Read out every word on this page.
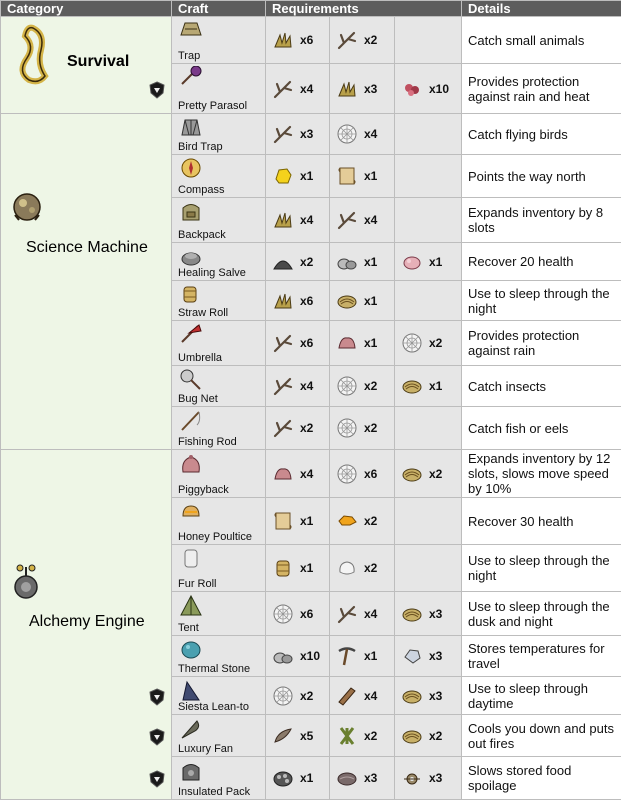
Category	Craft	Requirements			Details

Survival	Trap	x6	x2		Catch small animals

	Pretty Parasol	x4	x3	x10	Provides protection against rain and heat

Science Machine	Bird Trap	x3	x4		Catch flying birds

	Compass	x1	x1		Points the way north

	Backpack	x4	x4		Expands inventory by 8 slots

	Healing Salve	x2	x1	x1	Recover 20 health

	Straw Roll	x6	x1		Use to sleep through the night

	Umbrella	x6	x1	x2	Provides protection against rain

	Bug Net	x4	x2	x1	Catch insects

	Fishing Rod	x2	x2		Catch fish or eels

Alchemy Engine	Piggyback	x4	x6	x2	Expands inventory by 12 slots, slows move speed by 10%

	Honey Poultice	x1	x2		Recover 30 health

	Fur Roll	x1	x2		Use to sleep through the night

	Tent	x6	x4	x3	Use to sleep through the dusk and night

	Thermal Stone	x10	x1	x3	Stores temperatures for travel

	Siesta Lean-to	x2	x4	x3	Use to sleep through daytime

	Luxury Fan	x5	x2	x2	Cools you down and puts out fires

	Insulated Pack	x1	x3	x3	Slows stored food spoilage
